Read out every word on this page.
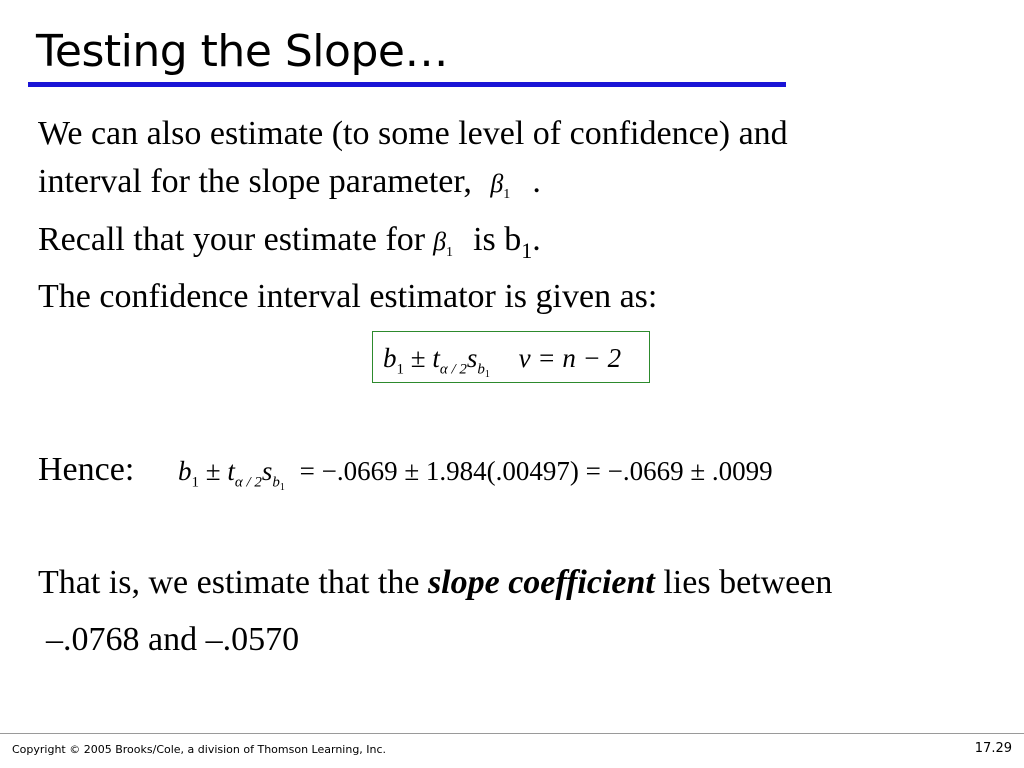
Testing the Slope…
We can also estimate (to some level of confidence) and
interval for the slope parameter, $\beta_1$ .
Recall that your estimate for $\beta_1$ is $b_1$.
The confidence interval estimator is given as:
$b_1 \pm t_{\alpha / 2}s_{b1}$ ν = n − 2
Hence: $b_1 \pm t_{\alpha / 2}s_{b1} = -.0669 \pm 1.984(.00497) = -.0669 \pm .0099$
That is, we estimate that the slope coefficient lies between
–.0768 and –.0570
Copyright © 2005 Brooks/Cole, a division of Thomson Learning, Inc.	17.29
